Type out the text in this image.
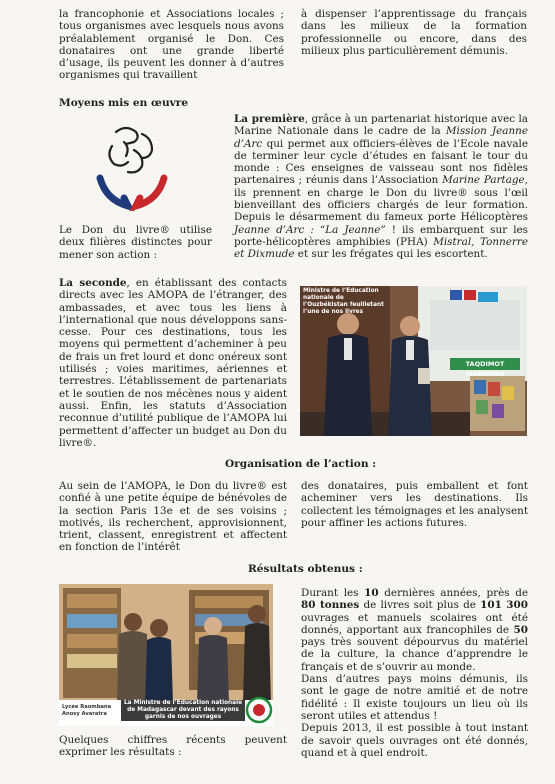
la francophonie et Associations locales ; tous organismes avec lesquels nous avons préalablement organisé le Don. Ces donataires ont une grande liberté d’usage, ils peuvent les donner à d’autres organismes qui travaillent
à dispenser l’apprentissage du français dans les milieux de la formation professionnelle ou encore, dans des milieux plus particulièrement démunis.
Moyens mis en œuvre
Le Don du livre® utilise deux filières distinctes pour mener son action :
La première, grâce à un partenariat historique avec la Marine Nationale dans le cadre de la Mission Jeanne d’Arc qui permet aux officiers-élèves de l’Ecole navale de terminer leur cycle d’études en faisant le tour du monde : Ces enseignes de vaisseau sont nos fidèles partenaires ; réunis dans l’Association Marine Partage, ils prennent en charge le Don du livre® sous l’œil bienveillant des officiers chargés de leur formation. Depuis le désarmement du fameux porte Hélicoptères Jeanne d’Arc : “La Jeanne” ! ils embarquent sur les porte-hélicoptères amphibies (PHA) Mistral, Tonnerre et Dixmude et sur les frégates qui les escortent.
La seconde, en établissant des contacts directs avec les AMOPA de l’étranger, des ambassades, et avec tous les liens à l’international que nous développons sans-cesse. Pour ces destinations, tous les moyens qui permettent d’acheminer à peu de frais un fret lourd et donc onéreux sont utilisés ; voies maritimes, aériennes et terrestres. L’établissement de partenariats et le soutien de nos mécènes nous y aident aussi. Enfin, les statuts d’Association reconnue d’utilité publique de l’AMOPA lui permettent d’affecter un budget au Don du livre®.
Ministre de l’Education nationale de l’Ouzbékistan feuilletant l’une de nos livres
TAQDIMOT MAROSIMI
Organisation de l’action :
Au sein de l’AMOPA, le Don du livre® est confié à une petite équipe de bénévoles de la section Paris 13e et de ses voisins ; motivés, ils recherchent, approvisionnent, trient, classent, enregistrent et affectent en fonction de l’intérêt
des donataires, puis emballent et font acheminer vers les destinations. Ils collectent les témoignages et les analysent pour affiner les actions futures.
Résultats obtenus :
Lycée Raombana
Anosy Avaratra
La Ministre de l’Education nationale
de Madagascar devant des rayons
garnis de nos ouvrages
Durant les 10 dernières années, près de 80 tonnes de livres soit plus de 101 300 ouvrages et manuels scolaires ont été donnés, apportant aux francophiles de 50 pays très souvent dépourvus du matériel de la culture, la chance d’apprendre le français et de s’ouvrir au monde.
Dans d’autres pays moins démunis, ils sont le gage de notre amitié et de notre fidélité : Il existe toujours un lieu où ils seront utiles et attendus !
Depuis 2013, il est possible à tout instant de savoir quels ouvrages ont été donnés, quand et à quel endroit.
Quelques chiffres récents peuvent exprimer les résultats :
